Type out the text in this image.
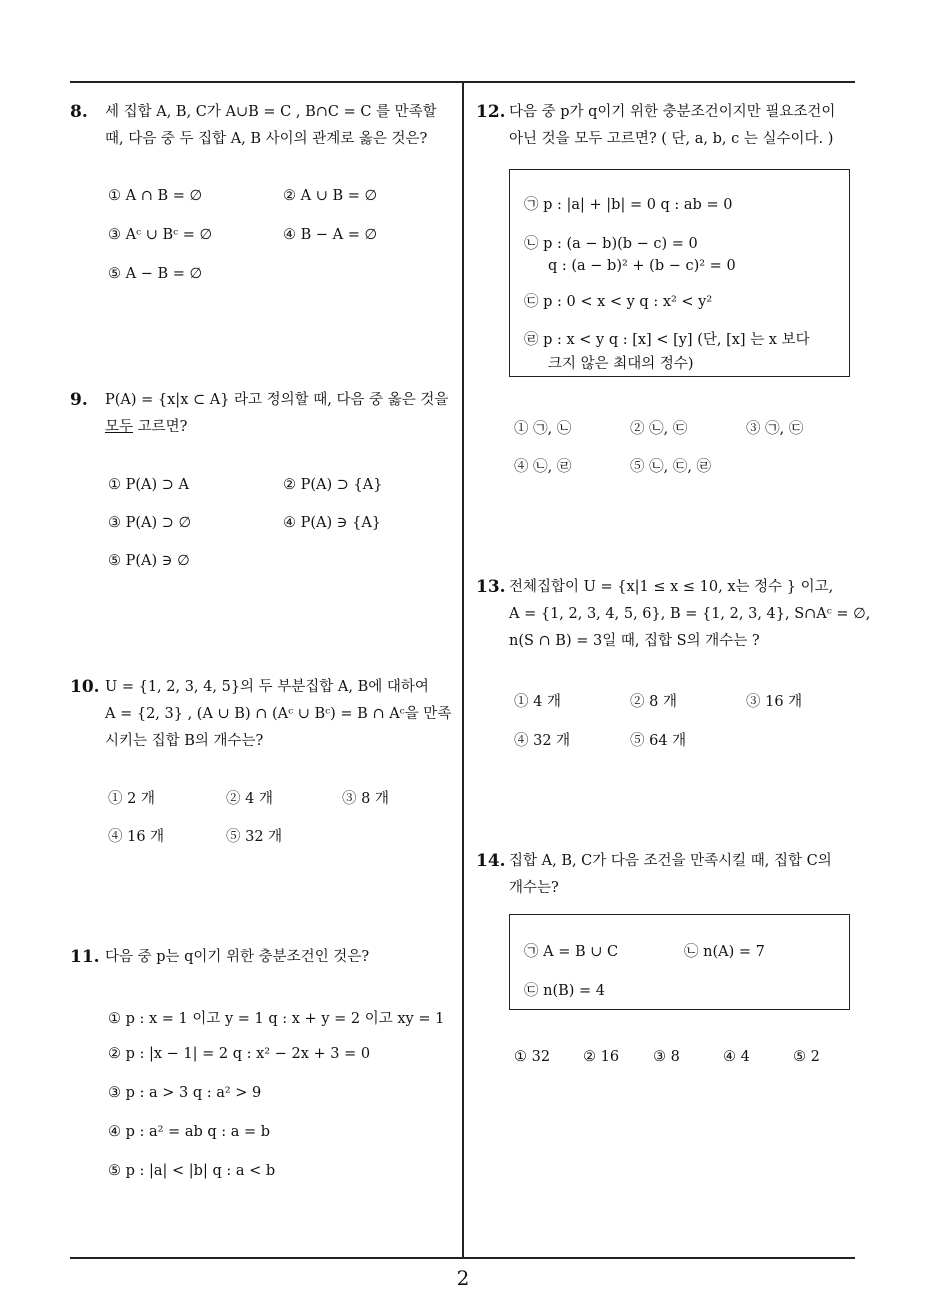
2
8. 세 집합 A, B, C가 A∪B = C , B∩C = C 를 만족할
때, 다음 중 두 집합 A, B 사이의 관계로 옳은 것은?
① A ∩ B = ∅	② A ∪ B = ∅
③ Aᶜ ∪ Bᶜ = ∅	④ B − A = ∅
⑤ A − B = ∅
9. P(A) = {x|x ⊂ A} 라고 정의할 때, 다음 중 옳은 것을
모두 고르면?
① P(A) ⊃ A	② P(A) ⊃ {A}
③ P(A) ⊃ ∅	④ P(A) ∋ {A}
⑤ P(A) ∋ ∅
10. U = {1, 2, 3, 4, 5}의 두 부분집합 A, B에 대하여
A = {2, 3} , (A ∪ B) ∩ (Aᶜ ∪ Bᶜ) = B ∩ Aᶜ을 만족
시키는 집합 B의 개수는?
① 2 개	② 4 개	③ 8 개
④ 16 개	⑤ 32 개
11. 다음 중 p는 q이기 위한 충분조건인 것은?
① p : x = 1 이고 y = 1 q : x + y = 2 이고 xy = 1
② p : |x − 1| = 2 q : x² − 2x + 3 = 0
③ p : a > 3 q : a² > 9
④ p : a² = ab q : a = b
⑤ p : |a| < |b| q : a < b
12. 다음 중 p가 q이기 위한 충분조건이지만 필요조건이
아닌 것을 모두 고르면? ( 단, a, b, c 는 실수이다. )
㉠ p : |a| + |b| = 0 q : ab = 0
㉡ p : (a − b)(b − c) = 0
q : (a − b)² + (b − c)² = 0
㉢ p : 0 < x < y q : x² < y²
㉣ p : x < y q : [x] < [y] (단, [x] 는 x 보다
크지 않은 최대의 정수)
① ㉠, ㉡	② ㉡, ㉢	③ ㉠, ㉢
④ ㉡, ㉣	⑤ ㉡, ㉢, ㉣
13. 전체집합이 U = {x|1 ≤ x ≤ 10, x는 정수 } 이고,
A = {1, 2, 3, 4, 5, 6}, B = {1, 2, 3, 4}, S∩Aᶜ = ∅,
n(S ∩ B) = 3일 때, 집합 S의 개수는 ?
① 4 개	② 8 개	③ 16 개
④ 32 개	⑤ 64 개
14. 집합 A, B, C가 다음 조건을 만족시킬 때, 집합 C의
개수는?
㉠ A = B ∪ C	㉡ n(A) = 7
㉢ n(B) = 4
① 32 ② 16 ③ 8	④ 4	⑤ 2
